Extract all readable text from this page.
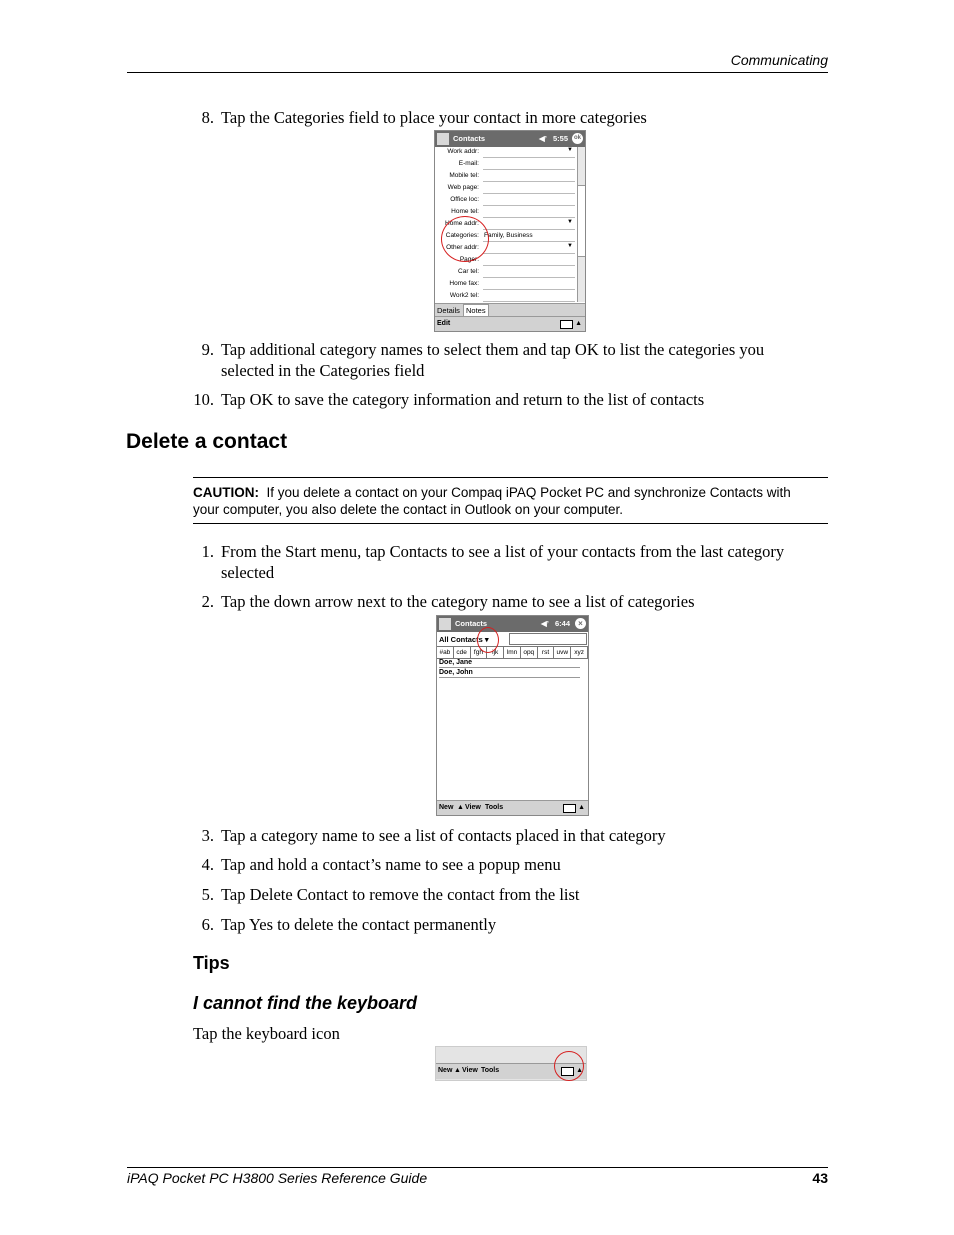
Communicating
8. Tap the Categories field to place your contact in more categories
Contacts	◀ʼ 5:55 ok
Work addr:	▼
E-mail:
Mobile tel:
Web page:
Office loc:
Home tel:
Home addr:	▼
Categories: Family, Business
Other addr:	▼
Pager:
Car tel:
Home fax:
Work2 tel:
Details Notes
Edit	▲
9. Tap additional category names to select them and tap OK to list the categories you
selected in the Categories field
10. Tap OK to save the category information and return to the list of contacts
Delete a contact
CAUTION: If you delete a contact on your Compaq iPAQ Pocket PC and synchronize Contacts with
your computer, you also delete the contact in Outlook on your computer.
1. From the Start menu, tap Contacts to see a list of your contacts from the last category
selected
2. Tap the down arrow next to the category name to see a list of categories
Contacts	◀ʼ 6:44	×
All Contacts ▾
#ab cde	fgh	ijk	lmn opq	rst	uvw xyz
Doe, Jane
Doe, John
New ▲ View Tools	▲
3. Tap a category name to see a list of contacts placed in that category
4. Tap and hold a contact’s name to see a popup menu
5. Tap Delete Contact to remove the contact from the list
6. Tap Yes to delete the contact permanently
Tips
I cannot find the keyboard
Tap the keyboard icon
New ▲ View Tools	▲
iPAQ Pocket PC H3800 Series Reference Guide	43
